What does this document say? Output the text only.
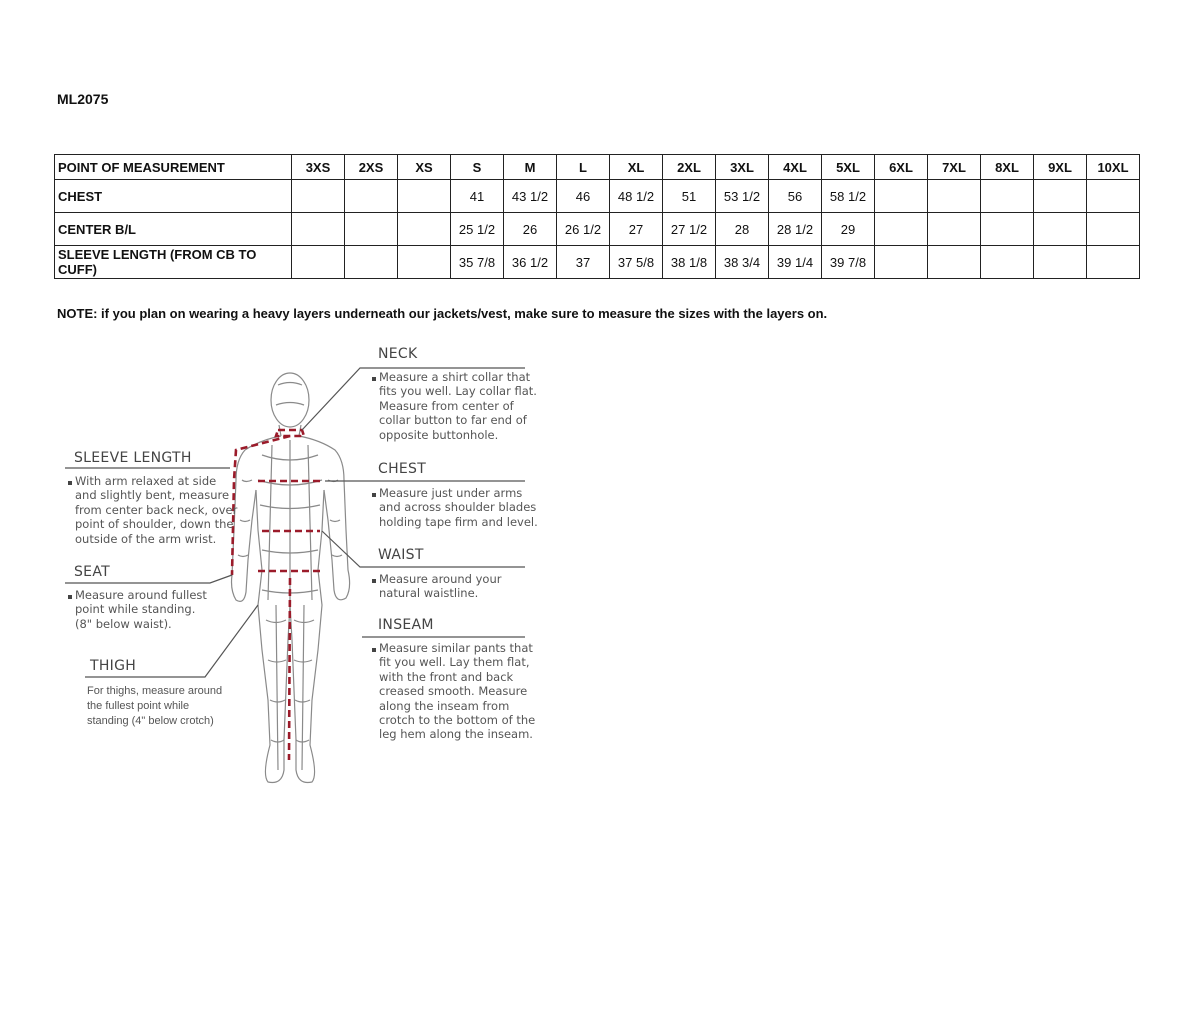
ML2075
POINT OF MEASUREMENT	3XS	2XS	XS	S	M	L	XL	2XL	3XL	4XL	5XL	6XL	7XL	8XL	9XL	10XL
CHEST				41	43 1/2	46	48 1/2	51	53 1/2	56	58 1/2					
CENTER B/L				25 1/2	26	26 1/2	27	27 1/2	28	28 1/2	29					
SLEEVE LENGTH (FROM CB TO CUFF)				35 7/8	36 1/2	37	37 5/8	38 1/8	38 3/4	39 1/4	39 7/8					
NOTE: if you plan on wearing a heavy layers underneath our jackets/vest, make sure to measure the sizes with the layers on.
NECK
Measure a shirt collar that
fits you well. Lay collar flat.
Measure from center of
collar button to far end of
opposite buttonhole.
CHEST
Measure just under arms
and across shoulder blades
holding tape firm and level.
WAIST
Measure around your
natural waistline.
INSEAM
Measure similar pants that
fit you well. Lay them flat,
with the front and back
creased smooth. Measure
along the inseam from
crotch to the bottom of the
leg hem along the inseam.
SLEEVE LENGTH
With arm relaxed at side
and slightly bent, measure
from center back neck, over
point of shoulder, down the
outside of the arm wrist.
SEAT
Measure around fullest
point while standing.
(8" below waist).
THIGH
For thighs, measure around
the fullest point while
standing (4" below crotch)
